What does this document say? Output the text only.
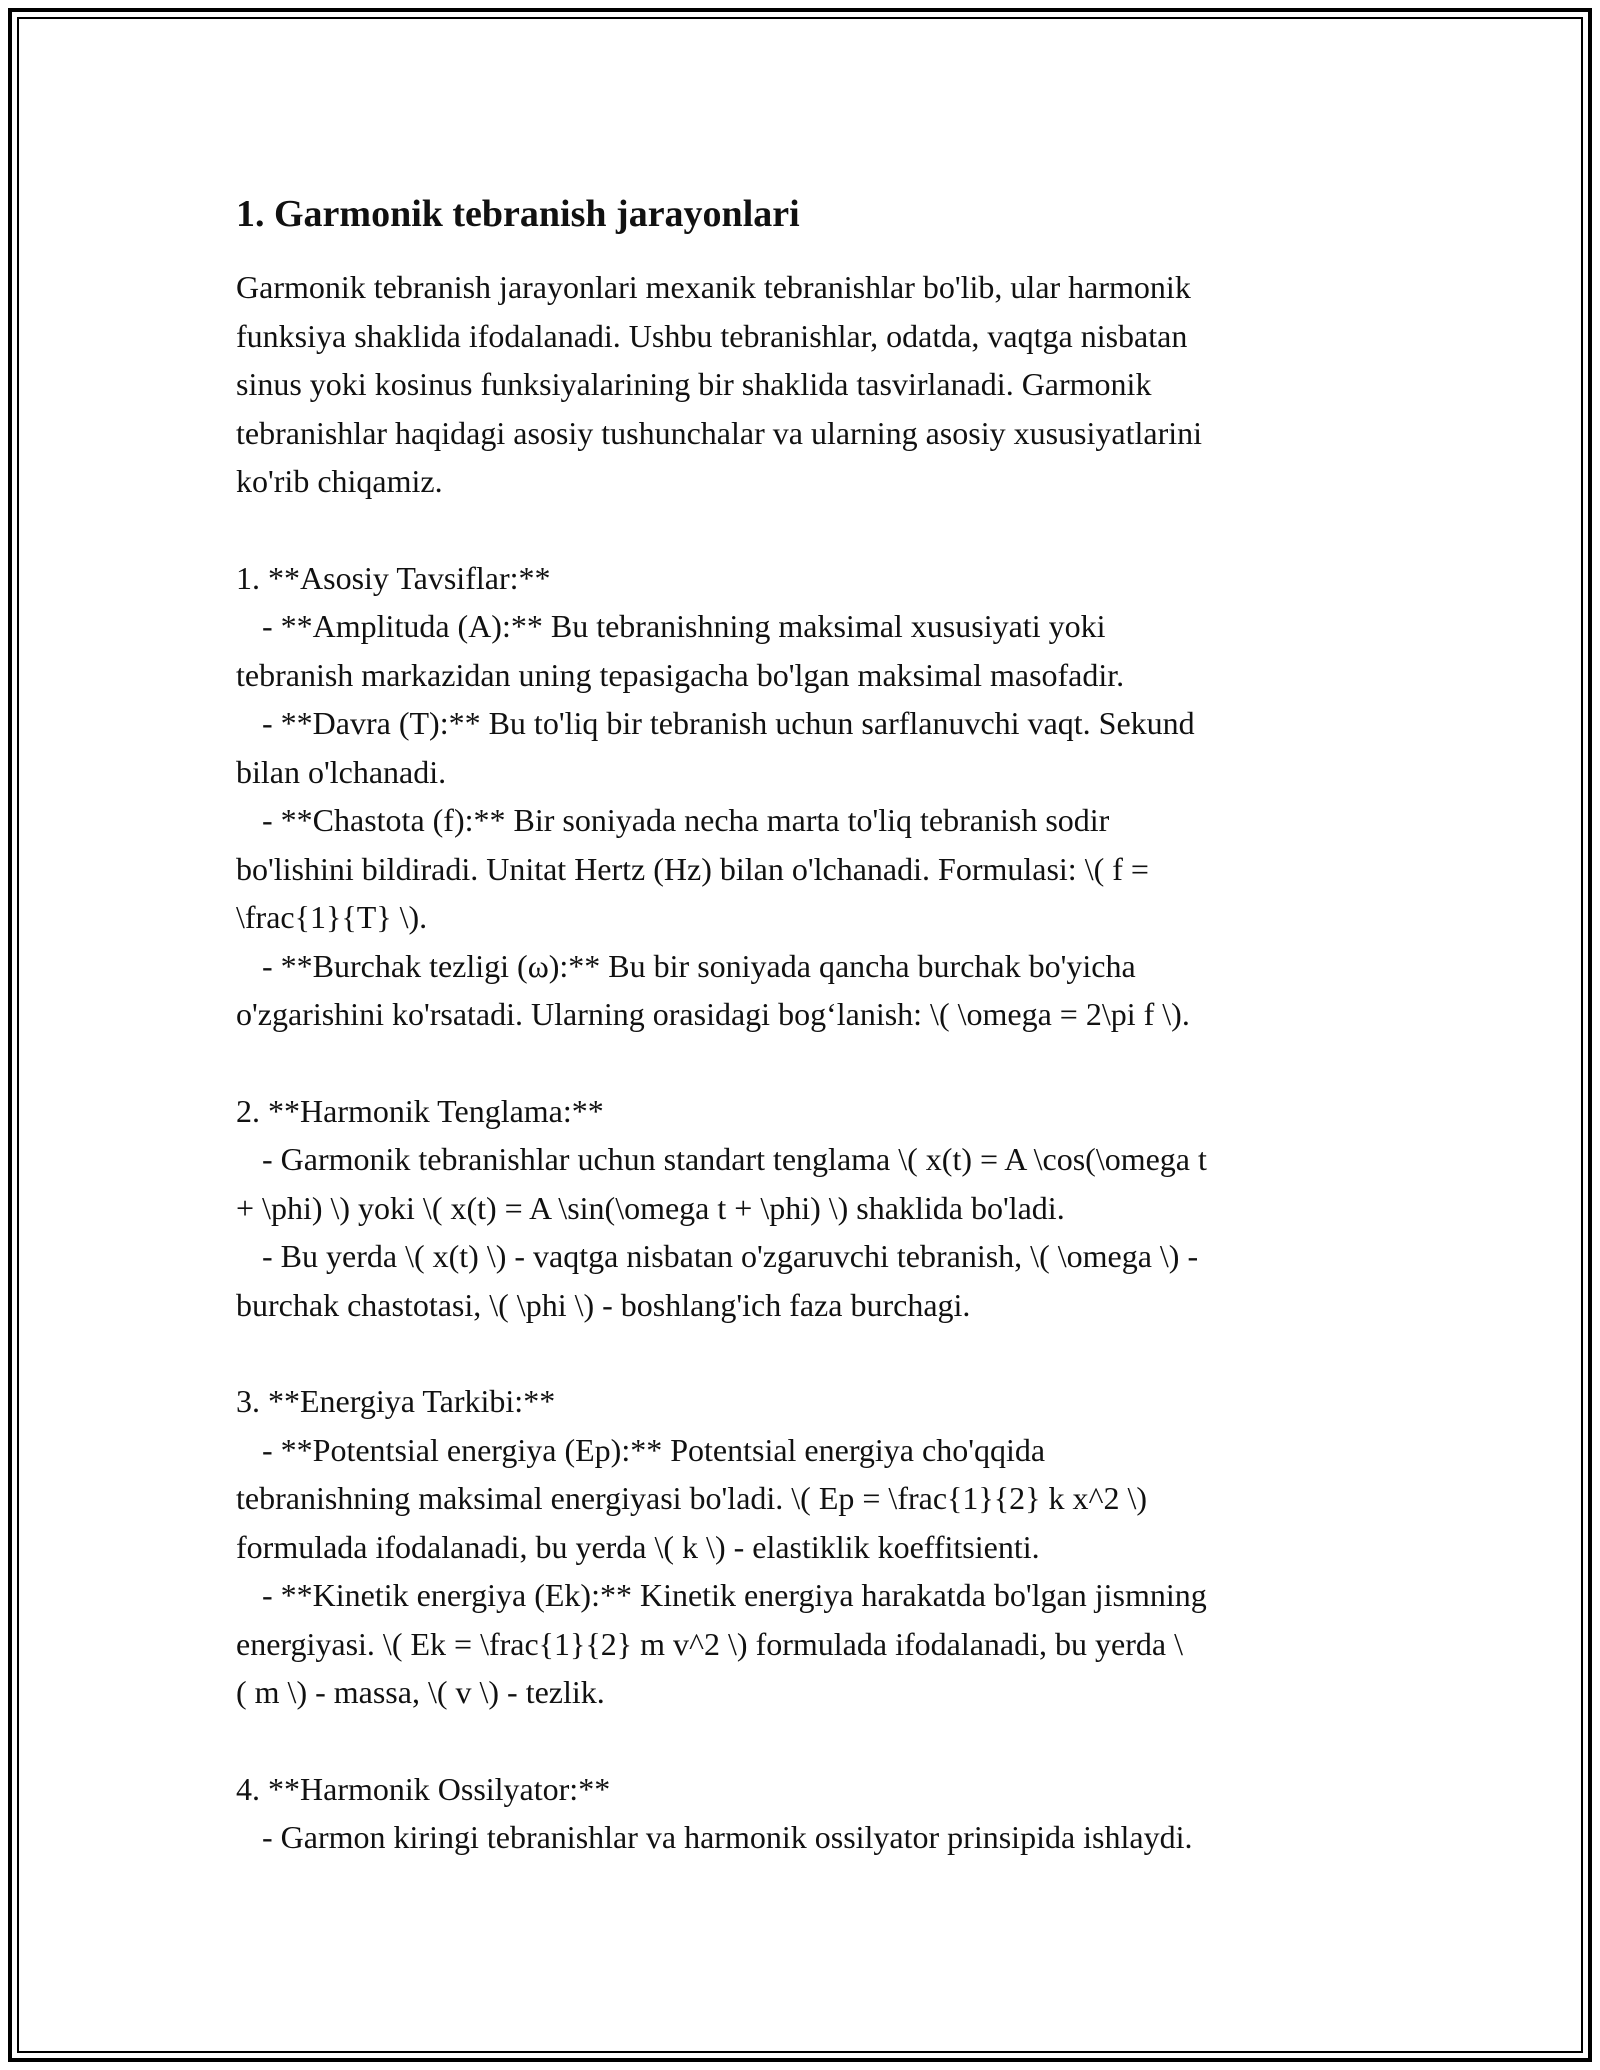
1. Garmonik tebranish jarayonlari

Garmonik tebranish jarayonlari mexanik tebranishlar bo'lib, ular harmonik
funksiya shaklida ifodalanadi. Ushbu tebranishlar, odatda, vaqtga nisbatan
sinus yoki kosinus funksiyalarining bir shaklida tasvirlanadi. Garmonik
tebranishlar haqidagi asosiy tushunchalar va ularning asosiy xususiyatlarini
ko'rib chiqamiz.

1. **Asosiy Tavsiflar:**
- **Amplituda (A):** Bu tebranishning maksimal xususiyati yoki
tebranish markazidan uning tepasigacha bo'lgan maksimal masofadir.
- **Davra (T):** Bu to'liq bir tebranish uchun sarflanuvchi vaqt. Sekund
bilan o'lchanadi.
- **Chastota (f):** Bir soniyada necha marta to'liq tebranish sodir
bo'lishini bildiradi. Unitat Hertz (Hz) bilan o'lchanadi. Formulasi: \( f =
\frac{1}{T} \).
- **Burchak tezligi (ω):** Bu bir soniyada qancha burchak bo'yicha
o'zgarishini ko'rsatadi. Ularning orasidagi bog‘lanish: \( \omega = 2\pi f \).
2. **Harmonik Tenglama:**
- Garmonik tebranishlar uchun standart tenglama \( x(t) = A \cos(\omega t
+ \phi) \) yoki \( x(t) = A \sin(\omega t + \phi) \) shaklida bo'ladi.
- Bu yerda \( x(t) \) - vaqtga nisbatan o'zgaruvchi tebranish, \( \omega \) -
burchak chastotasi, \( \phi \) - boshlang'ich faza burchagi.
3. **Energiya Tarkibi:**
- **Potentsial energiya (Ep):** Potentsial energiya cho'qqida
tebranishning maksimal energiyasi bo'ladi. \( Ep = \frac{1}{2} k x^2 \)
formulada ifodalanadi, bu yerda \( k \) - elastiklik koeffitsienti.
- **Kinetik energiya (Ek):** Kinetik energiya harakatda bo'lgan jismning
energiyasi. \( Ek = \frac{1}{2} m v^2 \) formulada ifodalanadi, bu yerda \
( m \) - massa, \( v \) - tezlik.
4. **Harmonik Ossilyator:**
- Garmon kiringi tebranishlar va harmonik ossilyator prinsipida ishlaydi.
